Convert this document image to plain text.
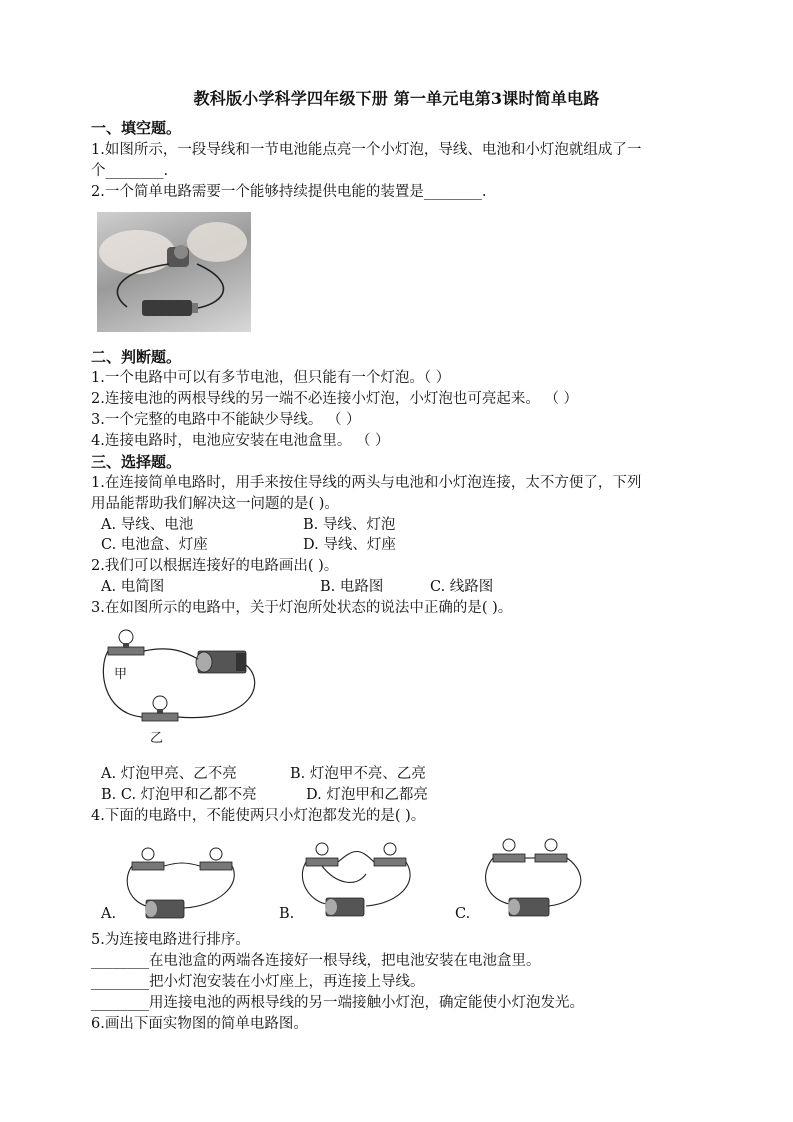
教科版小学科学四年级下册 第一单元电第3课时简单电路
一、填空题。
1.如图所示，一段导线和一节电池能点亮一个小灯泡，导线、电池和小灯泡就组成了一
个________.
2.一个简单电路需要一个能够持续提供电能的装置是________.
二、判断题。
1.一个电路中可以有多节电池，但只能有一个灯泡。（ ）
2.连接电池的两根导线的另一端不必连接小灯泡，小灯泡也可亮起来。 （ ）
3.一个完整的电路中不能缺少导线。 （ ）
4.连接电路时，电池应安装在电池盒里。 （ ）
三、选择题。
1.在连接简单电路时，用手来按住导线的两头与电池和小灯泡连接，太不方便了，下列
用品能帮助我们解决这一问题的是( )。
A. 导线、电池	B. 导线、灯泡
C. 电池盒、灯座	D. 导线、灯座
2.我们可以根据连接好的电路画出( )。
A. 电简图	B. 电路图	C. 线路图
3.在如图所示的电路中，关于灯泡所处状态的说法中正确的是( )。
甲
乙
A. 灯泡甲亮、乙不亮	B. 灯泡甲不亮、乙亮
B. C. 灯泡甲和乙都不亮	D. 灯泡甲和乙都亮
4.下面的电路中，不能使两只小灯泡都发光的是( )。
A.	B.	C.
5.为连接电路进行排序。
________在电池盒的两端各连接好一根导线，把电池安装在电池盒里。
________把小灯泡安装在小灯座上，再连接上导线。
________用连接电池的两根导线的另一端接触小灯泡，确定能使小灯泡发光。
6.画出下面实物图的简单电路图。
